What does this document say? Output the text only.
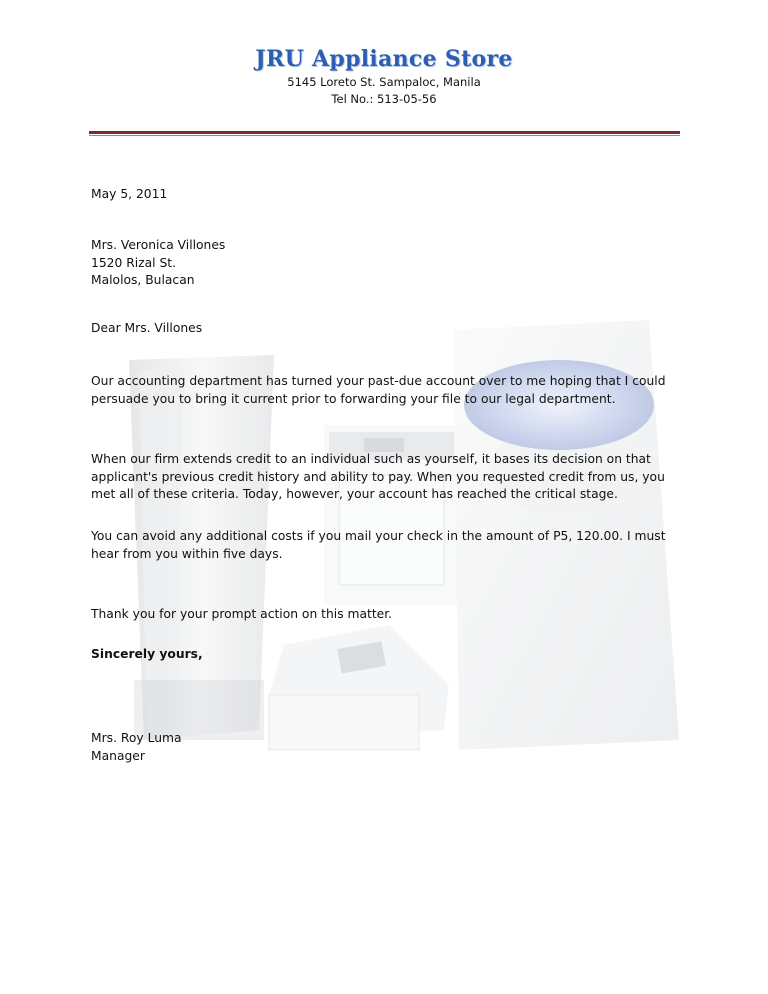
JRU Appliance Store
5145 Loreto St. Sampaloc, Manila
Tel No.: 513-05-56
May 5, 2011
Mrs. Veronica Villones
1520 Rizal St.
Malolos, Bulacan
Dear Mrs. Villones
Our accounting department has turned your past-due account over to me hoping that I could
persuade you to bring it current prior to forwarding your file to our legal department.
When our firm extends credit to an individual such as yourself, it bases its decision on that
applicant's previous credit history and ability to pay. When you requested credit from us, you
met all of these criteria. Today, however, your account has reached the critical stage.
You can avoid any additional costs if you mail your check in the amount of P5, 120.00. I must
hear from you within five days.
Thank you for your prompt action on this matter.
Sincerely yours,
Mrs. Roy Luma
Manager
